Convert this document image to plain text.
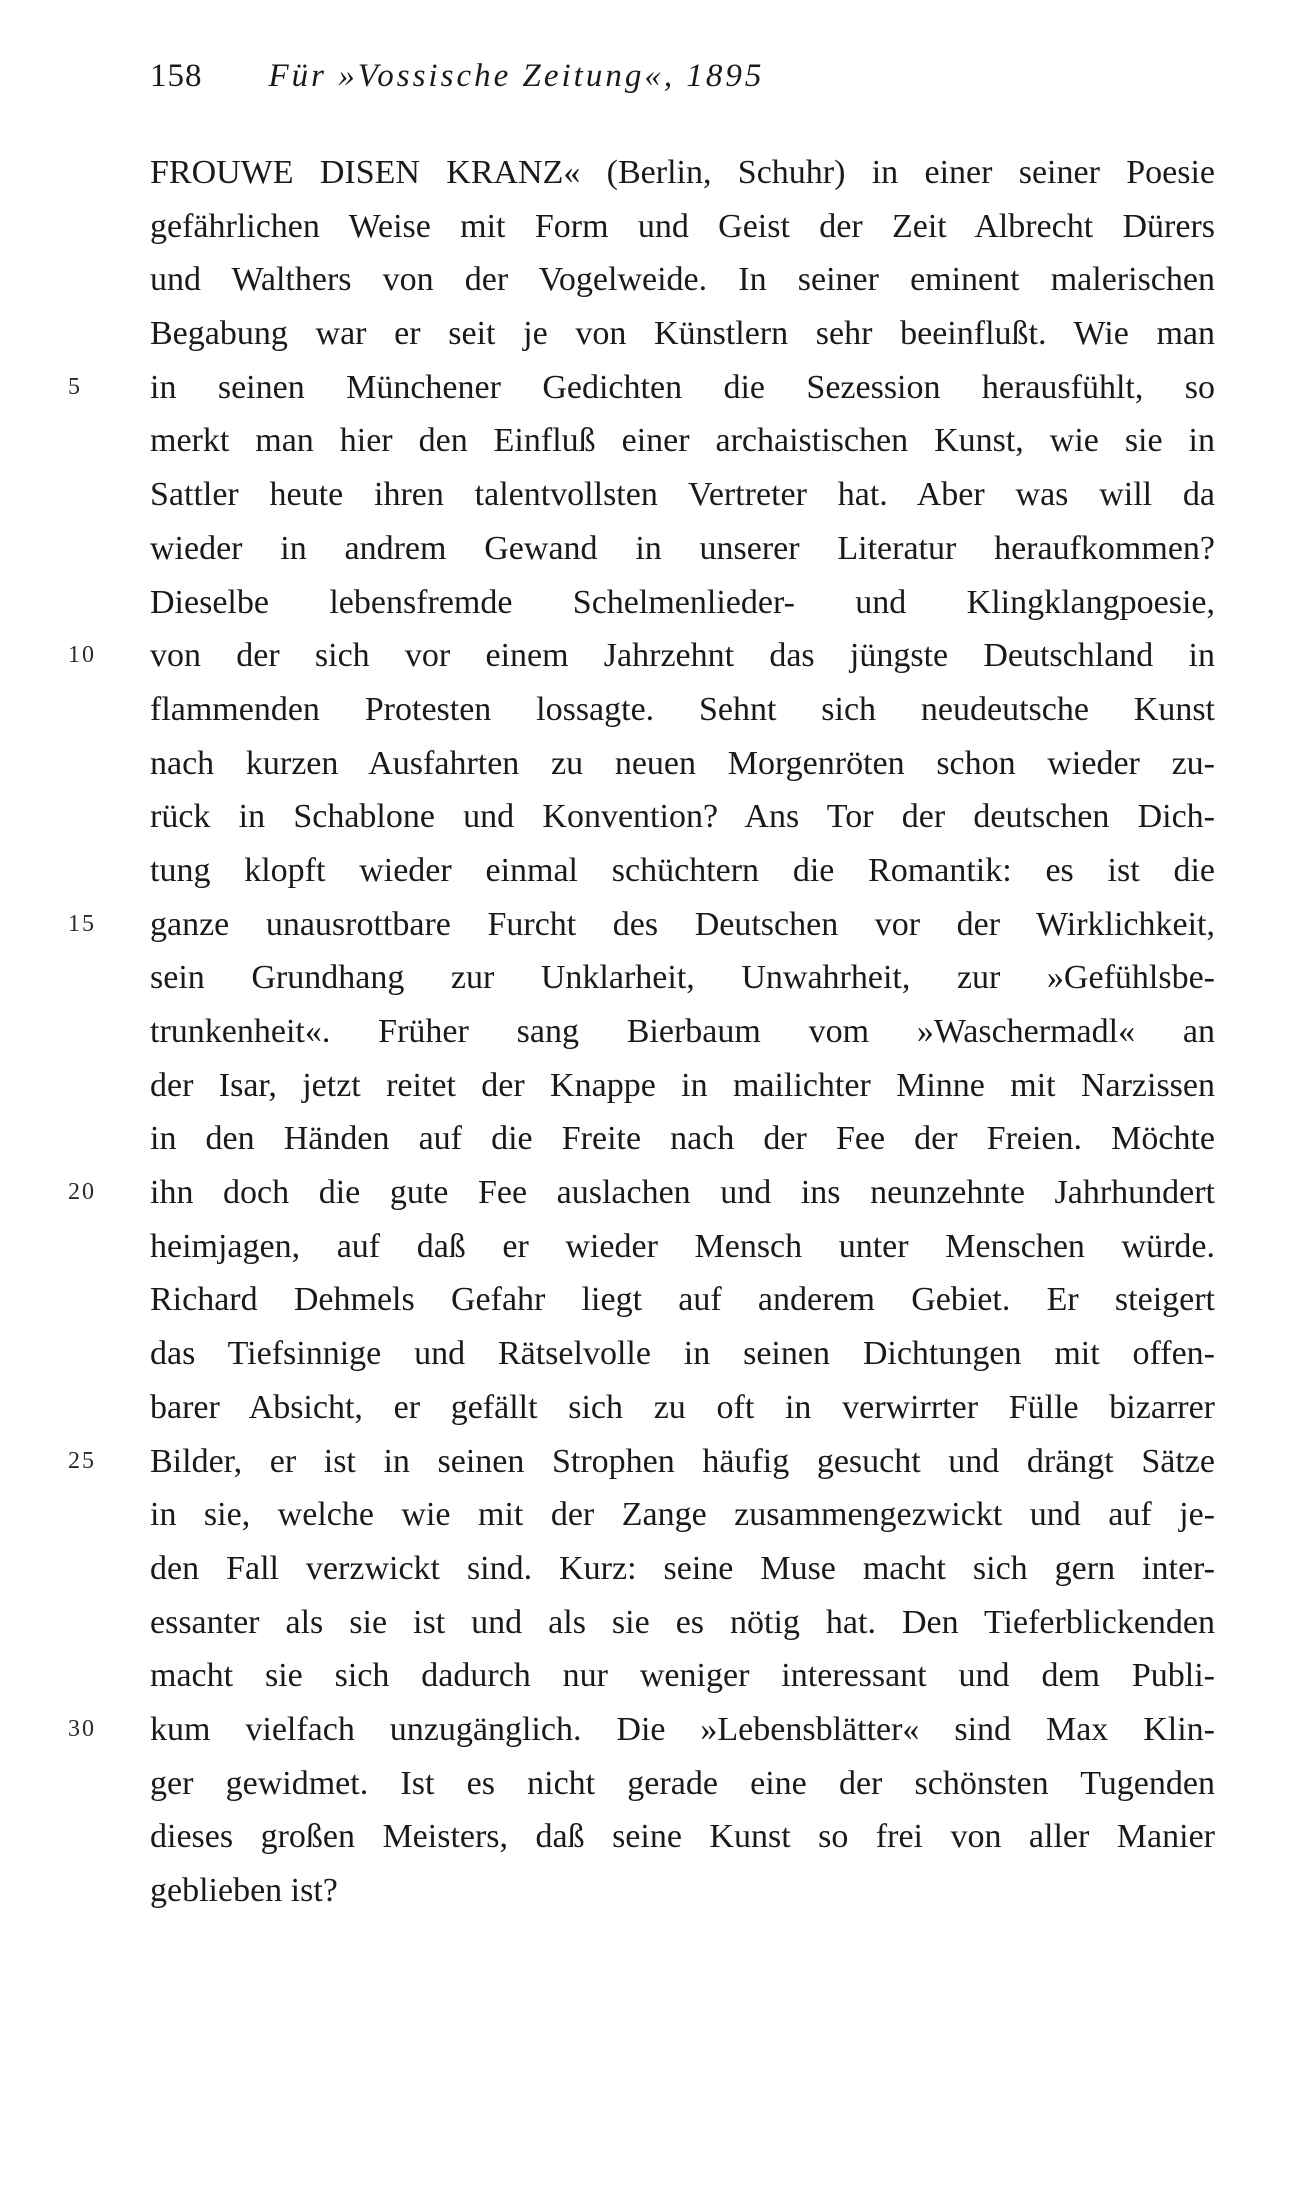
158 Für »Vossische Zeitung«, 1895
FROUWE DISEN KRANZ« (Berlin, Schuhr) in einer seiner Poesie
gefährlichen Weise mit Form und Geist der Zeit Albrecht Dürers
und Walthers von der Vogelweide. In seiner eminent malerischen
Begabung war er seit je von Künstlern sehr beeinflußt. Wie man
5	in seinen Münchener Gedichten die Sezession herausfühlt, so
merkt man hier den Einfluß einer archaistischen Kunst, wie sie in
Sattler heute ihren talentvollsten Vertreter hat. Aber was will da
wieder in andrem Gewand in unserer Literatur heraufkommen?
Dieselbe lebensfremde Schelmenlieder- und Klingklangpoesie,
10	von der sich vor einem Jahrzehnt das jüngste Deutschland in
flammenden Protesten lossagte. Sehnt sich neudeutsche Kunst
nach kurzen Ausfahrten zu neuen Morgenröten schon wieder zu-
rück in Schablone und Konvention? Ans Tor der deutschen Dich-
tung klopft wieder einmal schüchtern die Romantik: es ist die
15	ganze unausrottbare Furcht des Deutschen vor der Wirklichkeit,
sein Grundhang zur Unklarheit, Unwahrheit, zur »Gefühlsbe-
trunkenheit«. Früher sang Bierbaum vom »Waschermadl« an
der Isar, jetzt reitet der Knappe in mailichter Minne mit Narzissen
in den Händen auf die Freite nach der Fee der Freien. Möchte
20	ihn doch die gute Fee auslachen und ins neunzehnte Jahrhundert
heimjagen, auf daß er wieder Mensch unter Menschen würde.
Richard Dehmels Gefahr liegt auf anderem Gebiet. Er steigert
das Tiefsinnige und Rätselvolle in seinen Dichtungen mit offen-
barer Absicht, er gefällt sich zu oft in verwirrter Fülle bizarrer
25	Bilder, er ist in seinen Strophen häufig gesucht und drängt Sätze
in sie, welche wie mit der Zange zusammengezwickt und auf je-
den Fall verzwickt sind. Kurz: seine Muse macht sich gern inter-
essanter als sie ist und als sie es nötig hat. Den Tieferblickenden
macht sie sich dadurch nur weniger interessant und dem Publi-
30	kum vielfach unzugänglich. Die »Lebensblätter« sind Max Klin-
ger gewidmet. Ist es nicht gerade eine der schönsten Tugenden
dieses großen Meisters, daß seine Kunst so frei von aller Manier
geblieben ist?
